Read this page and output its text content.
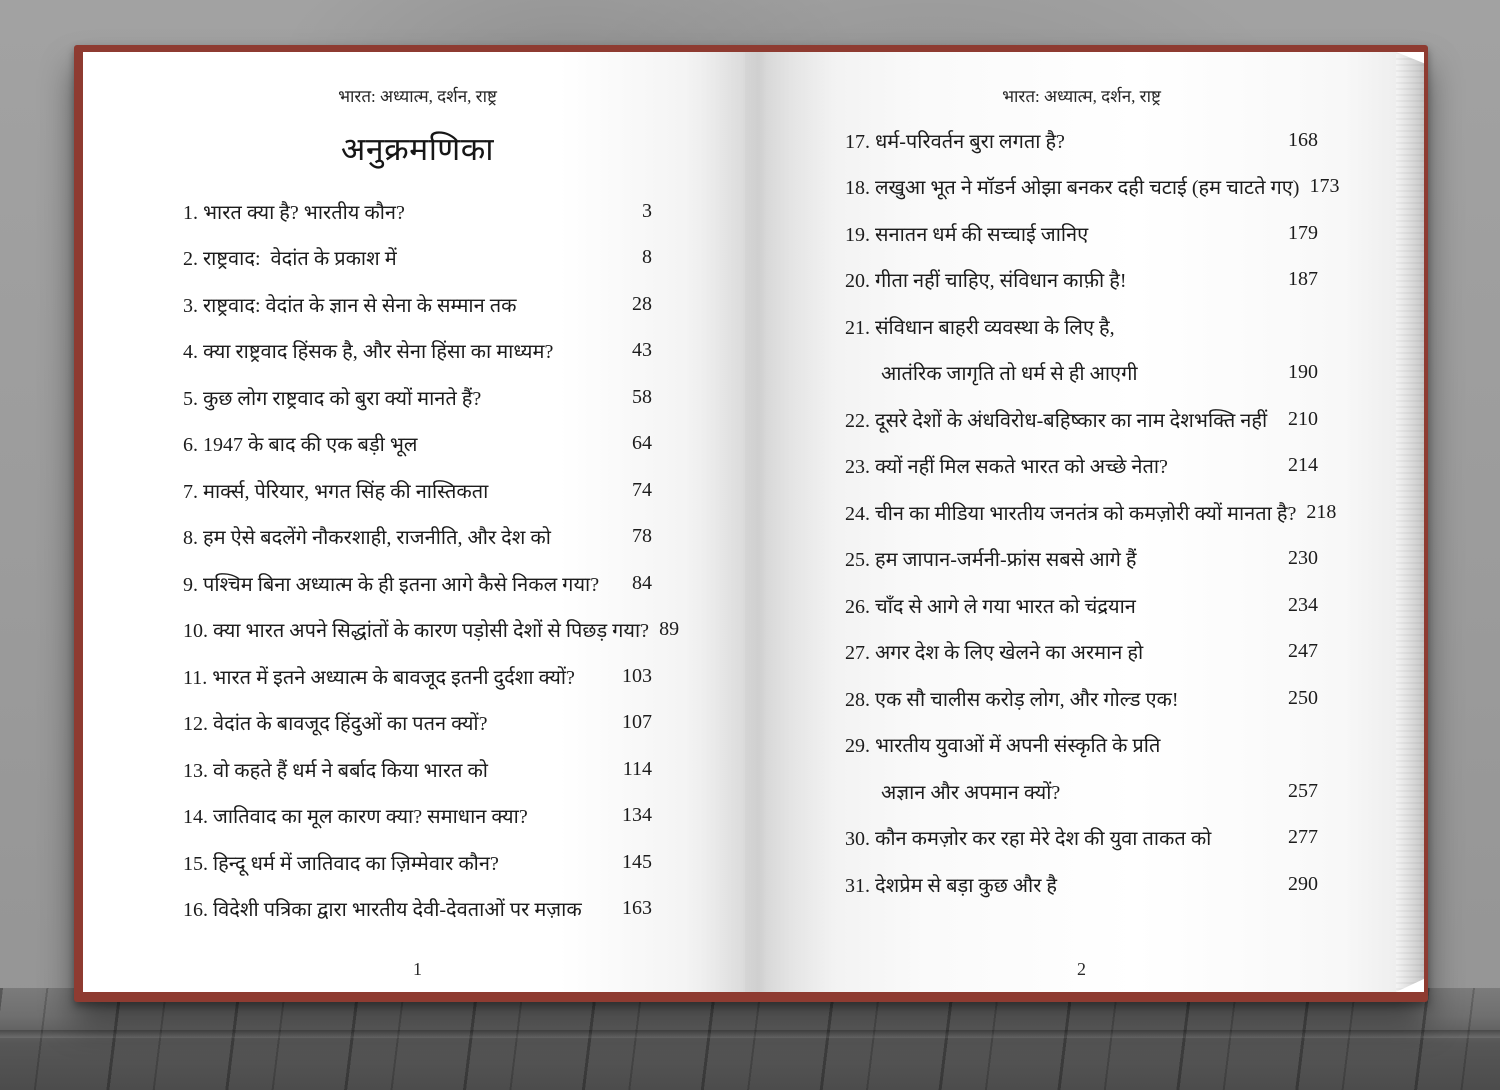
भारत: अध्यात्म, दर्शन, राष्ट्र	भारत: अध्यात्म, दर्शन, राष्ट्र
अनुक्रमणिका
1. भारत क्या है? भारतीय कौन?	3
2. राष्ट्रवाद:  वेदांत के प्रकाश में	8
3. राष्ट्रवाद: वेदांत के ज्ञान से सेना के सम्मान तक	28
4. क्या राष्ट्रवाद हिंसक है, और सेना हिंसा का माध्यम?	43
5. कुछ लोग राष्ट्रवाद को बुरा क्यों मानते हैं?	58
6. 1947 के बाद की एक बड़ी भूल	64
7. मार्क्स, पेरियार, भगत सिंह की नास्तिकता	74
8. हम ऐसे बदलेंगे नौकरशाही, राजनीति, और देश को	78
9. पश्चिम बिना अध्यात्म के ही इतना आगे कैसे निकल गया?	84
10. क्या भारत अपने सिद्धांतों के कारण पड़ोसी देशों से पिछड़ गया? 89
11. भारत में इतने अध्यात्म के बावजूद इतनी दुर्दशा क्यों?	103
12. वेदांत के बावजूद हिंदुओं का पतन क्यों?	107
13. वो कहते हैं धर्म ने बर्बाद किया भारत को	114
14. जातिवाद का मूल कारण क्या? समाधान क्या?	134
15. हिन्दू धर्म में जातिवाद का ज़िम्मेवार कौन?	145
16. विदेशी पत्रिका द्वारा भारतीय देवी-देवताओं पर मज़ाक	163
17. धर्म-परिवर्तन बुरा लगता है?	168
18. लखुआ भूत ने मॉडर्न ओझा बनकर दही चटाई (हम चाटते गए) 173
19. सनातन धर्म की सच्चाई जानिए	179
20. गीता नहीं चाहिए, संविधान काफ़ी है!	187
21. संविधान बाहरी व्यवस्था के लिए है,
आतंरिक जागृति तो धर्म से ही आएगी	190
22. दूसरे देशों के अंधविरोध-बहिष्कार का नाम देशभक्ति नहीं	210
23. क्यों नहीं मिल सकते भारत को अच्छे नेता?	214
24. चीन का मीडिया भारतीय जनतंत्र को कमज़ोरी क्यों मानता है? 218
25. हम जापान-जर्मनी-फ्रांस सबसे आगे हैं	230
26. चाँद से आगे ले गया भारत को चंद्रयान	234
27. अगर देश के लिए खेलने का अरमान हो	247
28. एक सौ चालीस करोड़ लोग, और गोल्ड एक!	250
29. भारतीय युवाओं में अपनी संस्कृति के प्रति
अज्ञान और अपमान क्यों?	257
30. कौन कमज़ोर कर रहा मेरे देश की युवा ताकत को	277
31. देशप्रेम से बड़ा कुछ और है	290
1	2
